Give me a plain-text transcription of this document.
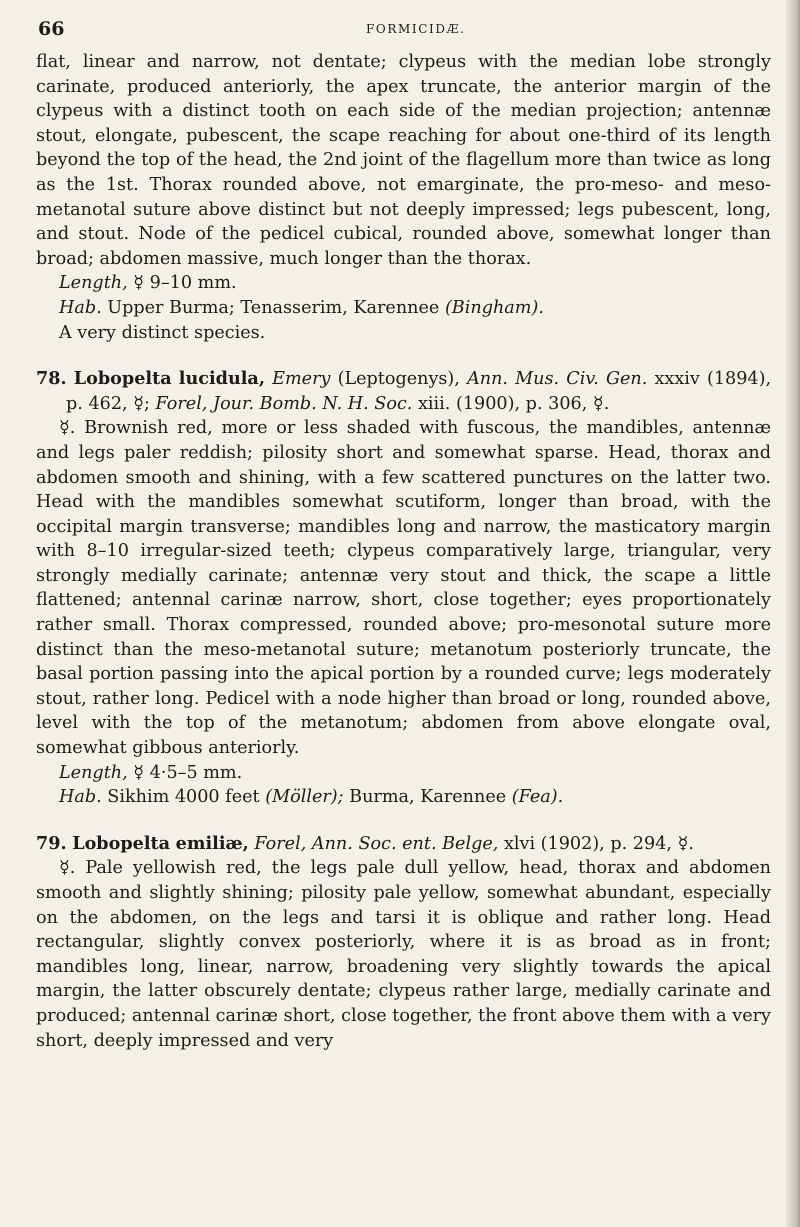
66	FORMICIDÆ.

flat, linear and narrow, not dentate; clypeus with the median lobe strongly carinate, produced anteriorly, the apex truncate, the anterior margin of the clypeus with a distinct tooth on each side of the median projection; antennæ stout, elongate, pubescent, the scape reaching for about one-third of its length beyond the top of the head, the 2nd joint of the flagellum more than twice as long as the 1st. Thorax rounded above, not emarginate, the pro-meso- and meso-metanotal suture above distinct but not deeply impressed; legs pubescent, long, and stout. Node of the pedicel cubical, rounded above, somewhat longer than broad; abdomen massive, much longer than the thorax.

Length, ☿ 9–10 mm.

Hab. Upper Burma; Tenasserim, Karennee (Bingham).

A very distinct species.

78. Lobopelta lucidula, Emery (Leptogenys), Ann. Mus. Civ. Gen. xxxiv (1894), p. 462, ☿; Forel, Jour. Bomb. N. H. Soc. xiii. (1900), p. 306, ☿.

☿. Brownish red, more or less shaded with fuscous, the mandibles, antennæ and legs paler reddish; pilosity short and somewhat sparse. Head, thorax and abdomen smooth and shining, with a few scattered punctures on the latter two. Head with the mandibles somewhat scutiform, longer than broad, with the occipital margin transverse; mandibles long and narrow, the masticatory margin with 8–10 irregular-sized teeth; clypeus comparatively large, triangular, very strongly medially carinate; antennæ very stout and thick, the scape a little flattened; antennal carinæ narrow, short, close together; eyes proportionately rather small. Thorax compressed, rounded above; pro-mesonotal suture more distinct than the meso-metanotal suture; metanotum posteriorly truncate, the basal portion passing into the apical portion by a rounded curve; legs moderately stout, rather long. Pedicel with a node higher than broad or long, rounded above, level with the top of the metanotum; abdomen from above elongate oval, somewhat gibbous anteriorly.

Length, ☿ 4·5–5 mm.

Hab. Sikhim 4000 feet (Möller); Burma, Karennee (Fea).

79. Lobopelta emiliæ, Forel, Ann. Soc. ent. Belge, xlvi (1902), p. 294, ☿.

☿. Pale yellowish red, the legs pale dull yellow, head, thorax and abdomen smooth and slightly shining; pilosity pale yellow, somewhat abundant, especially on the abdomen, on the legs and tarsi it is oblique and rather long. Head rectangular, slightly convex posteriorly, where it is as broad as in front; mandibles long, linear, narrow, broadening very slightly towards the apical margin, the latter obscurely dentate; clypeus rather large, medially carinate and produced; antennal carinæ short, close together, the front above them with a very short, deeply impressed and very
